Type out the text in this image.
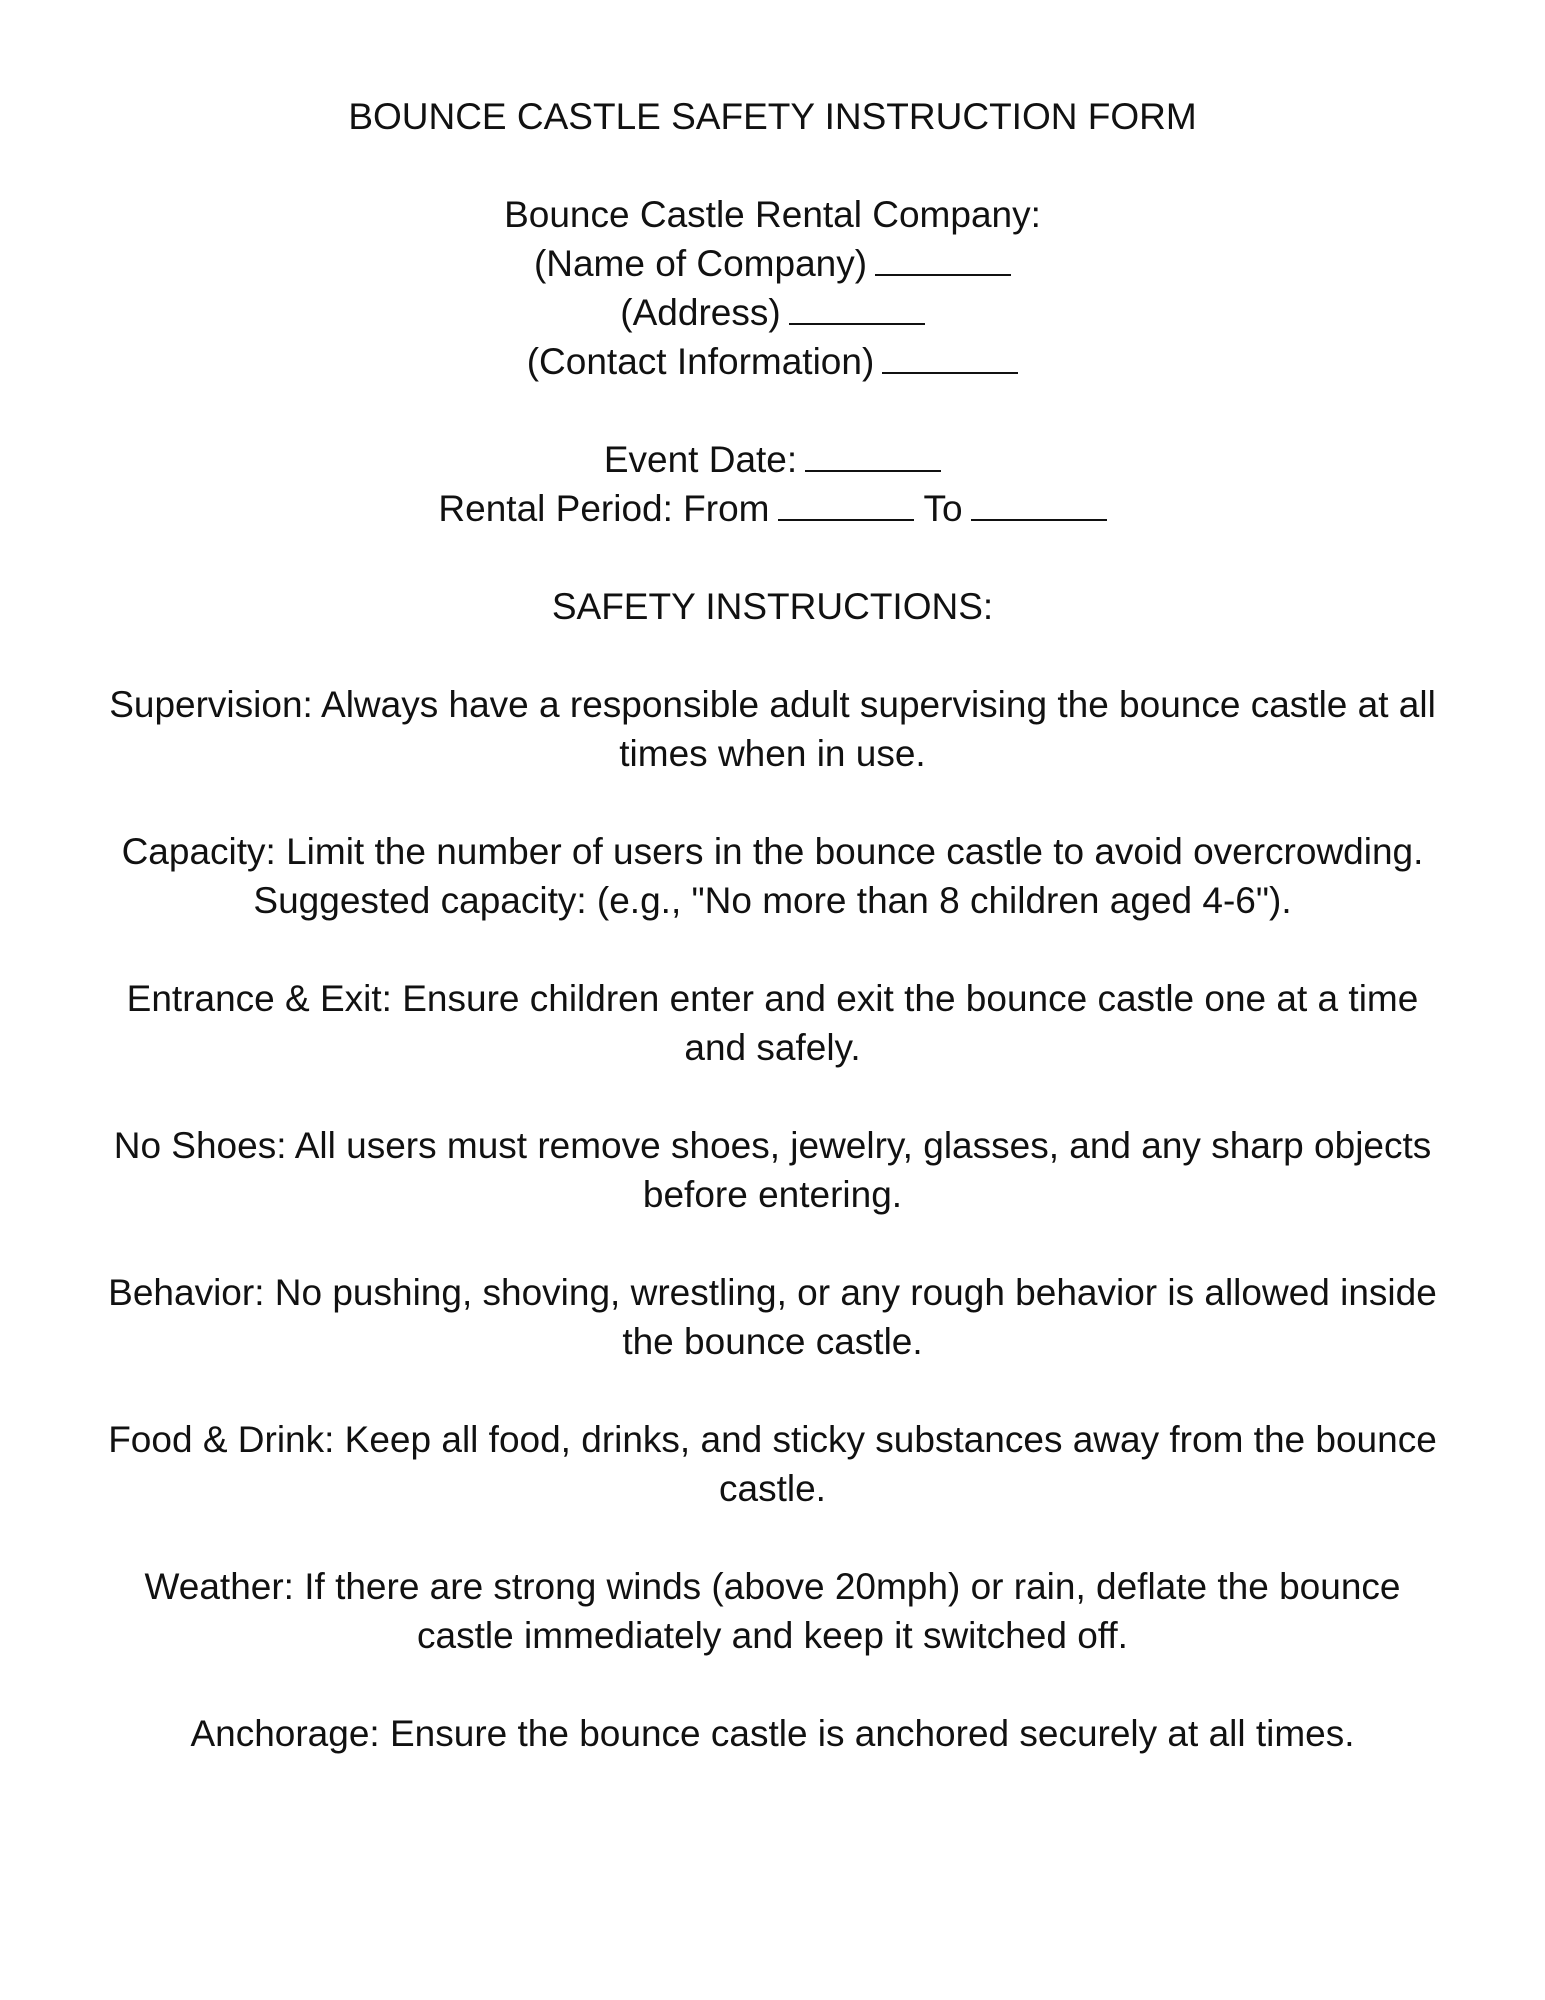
BOUNCE CASTLE SAFETY INSTRUCTION FORM
Bounce Castle Rental Company:
(Name of Company)
(Address)
(Contact Information)
Event Date:
Rental Period: From	To
SAFETY INSTRUCTIONS:
Supervision: Always have a responsible adult supervising the bounce castle at all
times when in use.
Capacity: Limit the number of users in the bounce castle to avoid overcrowding.
Suggested capacity: (e.g., "No more than 8 children aged 4-6").
Entrance & Exit: Ensure children enter and exit the bounce castle one at a time
and safely.
No Shoes: All users must remove shoes, jewelry, glasses, and any sharp objects
before entering.
Behavior: No pushing, shoving, wrestling, or any rough behavior is allowed inside
the bounce castle.
Food & Drink: Keep all food, drinks, and sticky substances away from the bounce
castle.
Weather: If there are strong winds (above 20mph) or rain, deflate the bounce
castle immediately and keep it switched off.
Anchorage: Ensure the bounce castle is anchored securely at all times.
